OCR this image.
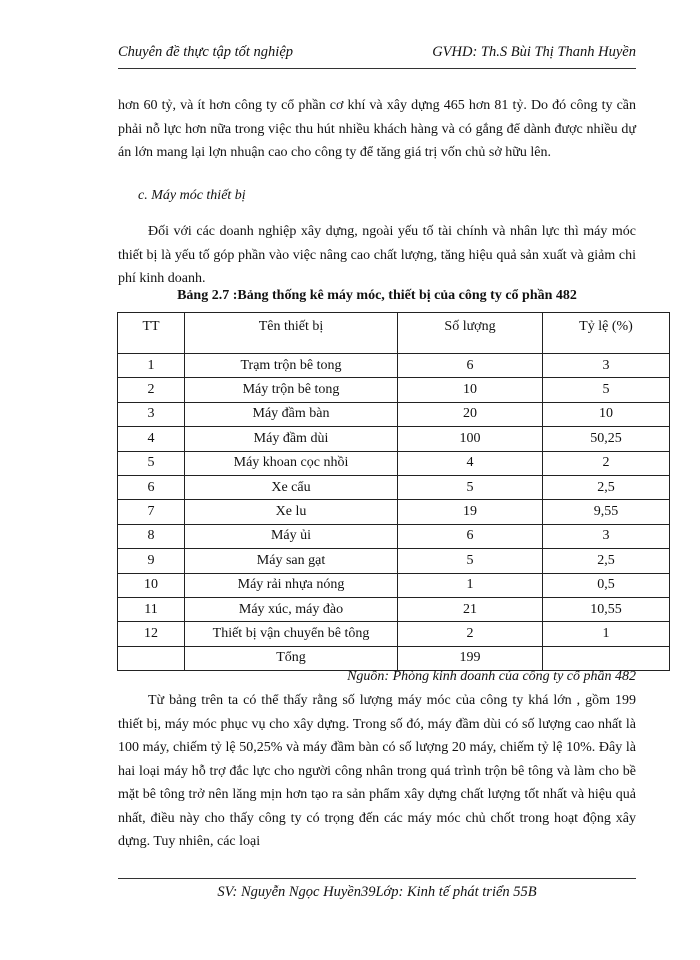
Chuyên đề thực tập tốt nghiệp	GVHD: Th.S Bùi Thị Thanh Huyền
hơn 60 tỷ, và ít hơn công ty cổ phần cơ khí và xây dựng 465 hơn 81 tỷ. Do đó công ty cần phải nỗ lực hơn nữa trong việc thu hút nhiều khách hàng và có gắng để dành được nhiều dự án lớn mang lại lợn nhuận cao cho công ty để tăng giá trị vốn chủ sở hữu lên.
c. Máy móc thiết bị
Đối với các doanh nghiệp xây dựng, ngoài yếu tố tài chính và nhân lực thì máy móc thiết bị là yếu tố góp phần vào việc nâng cao chất lượng, tăng hiệu quả sản xuất và giảm chi phí kinh doanh.
Bảng 2.7 :Bảng thống kê máy móc, thiết bị của công ty cổ phần 482
TT	Tên thiết bị	Số lượng	Tỷ lệ (%)
1	Trạm trộn bê tong	6	3
2	Máy trộn bê tong	10	5
3	Máy đầm bàn	20	10
4	Máy đầm dùi	100	50,25
5	Máy khoan cọc nhồi	4	2
6	Xe cẩu	5	2,5
7	Xe lu	19	9,55
8	Máy ủi	6	3
9	Máy san gạt	5	2,5
10	Máy rải nhựa nóng	1	0,5
11	Máy xúc, máy đào	21	10,55
12	Thiết bị vận chuyển bê tông	2	1
	Tổng	199	
Nguồn: Phòng kinh doanh của công ty cổ phần 482
Từ bảng trên ta có thể thấy rằng số lượng máy móc của công ty khá lớn , gồm 199 thiết bị, máy móc phục vụ cho xây dựng. Trong số đó, máy đầm dùi có số lượng cao nhất là 100 máy, chiếm tỷ lệ 50,25% và máy đầm bàn có số lượng 20 máy, chiếm tỷ lệ 10%. Đây là hai loại máy hỗ trợ đắc lực cho người công nhân trong quá trình trộn bê tông và làm cho bề mặt bê tông trở nên lăng mịn hơn tạo ra sản phẩm xây dựng chất lượng tốt nhất và hiệu quả nhất, điều này cho thấy công ty có trọng đến các máy móc chủ chốt trong hoạt động xây dựng. Tuy nhiên, các loại
SV: Nguyễn Ngọc Huyền39Lớp: Kinh tế phát triển 55B
